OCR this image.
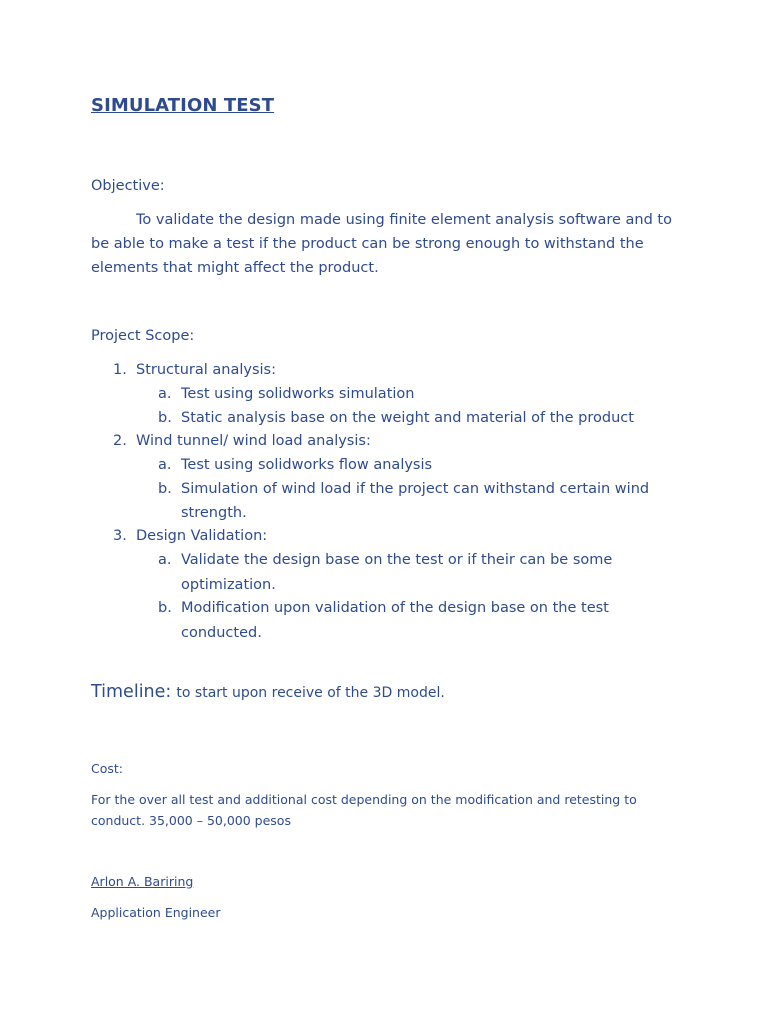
SIMULATION TEST
Objective:
To validate the design made using finite element analysis software and to
be able to make a test if the product can be strong enough to withstand the
elements that might affect the product.
Project Scope:
1. Structural analysis:
a. Test using solidworks simulation
b. Static analysis base on the weight and material of the product
2. Wind tunnel/ wind load analysis:
a. Test using solidworks flow analysis
b. Simulation of wind load if the project can withstand certain wind
strength.
3. Design Validation:
a. Validate the design base on the test or if their can be some
optimization.
b. Modification upon validation of the design base on the test
conducted.
Timeline: to start upon receive of the 3D model.
Cost:
For the over all test and additional cost depending on the modification and retesting to
conduct. 35,000 – 50,000 pesos
Arlon A. Bariring
Application Engineer
